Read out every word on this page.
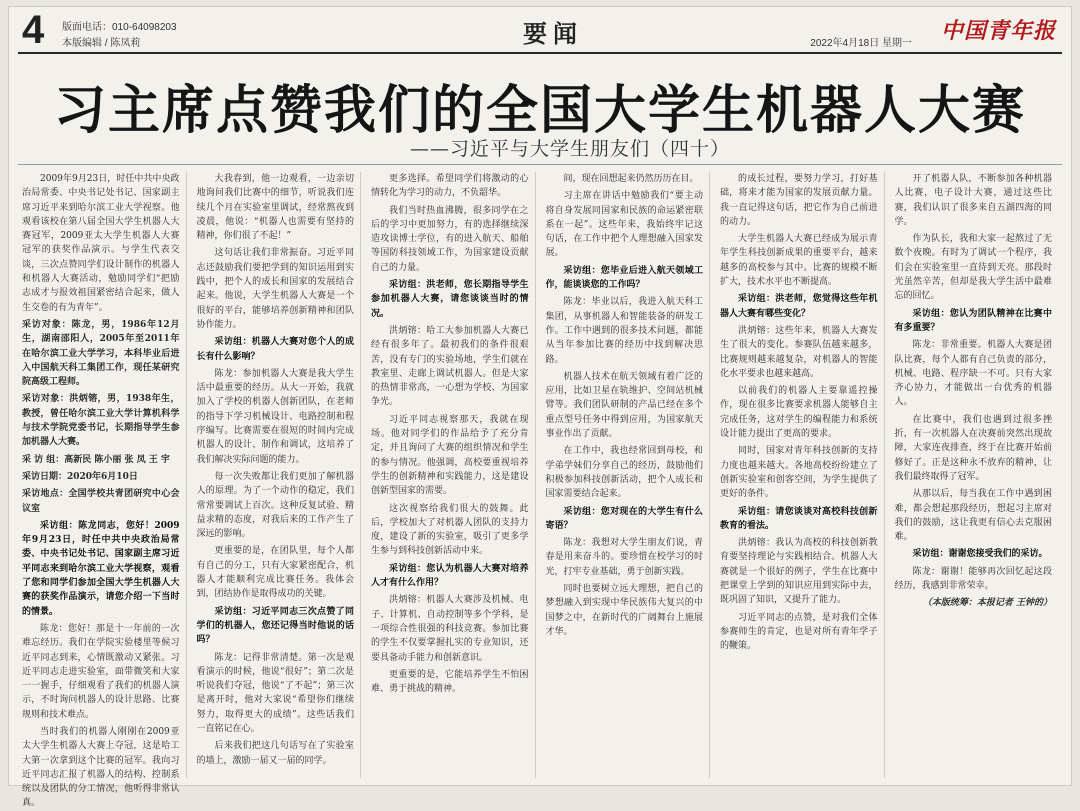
4 版面电话：010-64098203
本版编辑 / 陈凤莉	要闻	2022年4月18日 星期一 中国青年报
习主席点赞我们的全国大学生机器人大赛
——习近平与大学生朋友们（四十）

2009年9月23日，时任中共中央政治局常委、中央书记处书记、国家副主席习近平来到哈尔滨工业大学视察。他观看该校在第八届全国大学生机器人大赛冠军，2009亚太大学生机器人大赛冠军的获奖作品演示。与学生代表交谈，三次点赞同学们设计制作的机器人和机器人大赛活动，勉励同学们“把励志成才与报效祖国紧密结合起来，做人生交卷的有为青年”。

采访对象：陈龙，男，1986年12月生，湖南邵阳人，2005年至2011年在哈尔滨工业大学学习，本科毕业后进入中国航天科工集团工作，现任某研究院高级工程师。

采访对象：洪炳镕，男，1938年生，教授，曾任哈尔滨工业大学计算机科学与技术学院党委书记，长期指导学生参加机器人大赛。

采 访 组：高新民 陈小丽 张 凤 王 宇

采访日期：2020年6月10日

采访地点：全国学校共青团研究中心会议室

采访组：陈龙同志，您好！2009年9月23日，时任中共中央政治局常委、中央书记处书记、国家副主席习近平同志来到哈尔滨工业大学视察，观看了您和同学们参加全国大学生机器人大赛的获奖作品演示，请您介绍一下当时的情景。

陈龙：您好！那是十一年前的一次难忘经历。我们在学院实验楼里等候习近平同志到来，心情既激动又紧张。习近平同志走进实验室，面带微笑和大家一一握手，仔细观看了我们的机器人演示，不时询问机器人的设计思路、比赛规则和技术难点。

当时我们的机器人刚刚在2009亚太大学生机器人大赛上夺冠，这是哈工大第一次拿到这个比赛的冠军。我向习近平同志汇报了机器人的结构、控制系统以及团队的分工情况，他听得非常认真。

大我春到，他一边观看，一边亲切地询问我们比赛中的细节，听说我们连续几个月在实验室里调试，经常熬夜到凌晨，他说：“机器人也需要有坚持的精神，你们很了不起！”

这句话让我们非常振奋。习近平同志还鼓励我们要把学到的知识运用到实践中，把个人的成长和国家的发展结合起来。他说，大学生机器人大赛是一个很好的平台，能够培养创新精神和团队协作能力。

采访组：机器人大赛对您个人的成长有什么影响？

陈龙：参加机器人大赛是我大学生活中最重要的经历。从大一开始，我就加入了学校的机器人创新团队，在老师的指导下学习机械设计、电路控制和程序编写。比赛需要在很短的时间内完成机器人的设计、制作和调试，这培养了我们解决实际问题的能力。

每一次失败都让我们更加了解机器人的原理。为了一个动作的稳定，我们常常要调试上百次。这种反复试验、精益求精的态度，对我后来的工作产生了深远的影响。

更重要的是，在团队里，每个人都有自己的分工，只有大家紧密配合，机器人才能顺利完成比赛任务。我体会到，团结协作是取得成功的关键。

采访组：习近平同志三次点赞了同学们的机器人，您还记得当时他说的话吗？

陈龙：记得非常清楚。第一次是观看演示的时候，他说“很好”；第二次是听说我们夺冠，他说“了不起”；第三次是离开时，他对大家说“希望你们继续努力，取得更大的成绩”。这些话我们一直铭记在心。

后来我们把这几句话写在了实验室的墙上，激励一届又一届的同学。

更多选择。希望同学们将激动的心情转化为学习的动力，不负韶华。

我们当时热血沸腾，很多同学在之后的学习中更加努力，有的选择继续深造攻读博士学位，有的进入航天、船舶等国防科技领域工作，为国家建设贡献自己的力量。

采访组：洪老师，您长期指导学生参加机器人大赛，请您谈谈当时的情况。

洪炳镕：哈工大参加机器人大赛已经有很多年了。最初我们的条件很艰苦，没有专门的实验场地，学生们就在教室里、走廊上调试机器人。但是大家的热情非常高，一心想为学校、为国家争光。

习近平同志视察那天，我就在现场。他对同学们的作品给予了充分肯定，并且询问了大赛的组织情况和学生的参与情况。他强调，高校要重视培养学生的创新精神和实践能力，这是建设创新型国家的需要。

这次视察给我们很大的鼓舞。此后，学校加大了对机器人团队的支持力度，建设了新的实验室，吸引了更多学生参与到科技创新活动中来。

采访组：您认为机器人大赛对培养人才有什么作用？

洪炳镕：机器人大赛涉及机械、电子、计算机、自动控制等多个学科，是一项综合性很强的科技竞赛。参加比赛的学生不仅要掌握扎实的专业知识，还要具备动手能力和创新意识。

更重要的是，它能培养学生不怕困难、勇于挑战的精神。

间，现在回想起来仍然历历在目。

习主席在讲话中勉励我们“要主动将自身发展同国家和民族的命运紧密联系在一起”。这些年来，我始终牢记这句话，在工作中把个人理想融入国家发展。

采访组：您毕业后进入航天领域工作，能谈谈您的工作吗？

陈龙：毕业以后，我进入航天科工集团，从事机器人和智能装备的研发工作。工作中遇到的很多技术问题，都能从当年参加比赛的经历中找到解决思路。

机器人技术在航天领域有着广泛的应用，比如卫星在轨维护、空间站机械臂等。我们团队研制的产品已经在多个重点型号任务中得到应用，为国家航天事业作出了贡献。

在工作中，我也经常回到母校，和学弟学妹们分享自己的经历，鼓励他们积极参加科技创新活动，把个人成长和国家需要结合起来。

采访组：您对现在的大学生有什么寄语？

陈龙：我想对大学生朋友们说，青春是用来奋斗的。要珍惜在校学习的时光，打牢专业基础，勇于创新实践。

同时也要树立远大理想，把自己的梦想融入到实现中华民族伟大复兴的中国梦之中，在新时代的广阔舞台上施展才华。

的成长过程，要努力学习，打好基础，将来才能为国家的发展贡献力量。我一直记得这句话，把它作为自己前进的动力。

大学生机器人大赛已经成为展示青年学生科技创新成果的重要平台，越来越多的高校参与其中。比赛的规模不断扩大，技术水平也不断提高。

采访组：洪老师，您觉得这些年机器人大赛有哪些变化？

洪炳镕：这些年来，机器人大赛发生了很大的变化。参赛队伍越来越多，比赛规则越来越复杂，对机器人的智能化水平要求也越来越高。

以前我们的机器人主要靠遥控操作，现在很多比赛要求机器人能够自主完成任务，这对学生的编程能力和系统设计能力提出了更高的要求。

同时，国家对青年科技创新的支持力度也越来越大。各地高校纷纷建立了创新实验室和创客空间，为学生提供了更好的条件。

采访组：请您谈谈对高校科技创新教育的看法。

洪炳镕：我认为高校的科技创新教育要坚持理论与实践相结合。机器人大赛就是一个很好的例子，学生在比赛中把课堂上学到的知识应用到实际中去，既巩固了知识，又提升了能力。

习近平同志的点赞，是对我们全体参赛师生的肯定，也是对所有青年学子的鞭策。

开了机器人队，不断参加各种机器人比赛，电子设计大赛，通过这些比赛，我们认识了很多来自五湖四海的同学。

作为队长，我和大家一起熬过了无数个夜晚。有时为了调试一个程序，我们会在实验室里一直待到天亮。那段时光虽然辛苦，但却是我大学生活中最难忘的回忆。

采访组：您认为团队精神在比赛中有多重要？

陈龙：非常重要。机器人大赛是团队比赛，每个人都有自己负责的部分，机械、电路、程序缺一不可。只有大家齐心协力，才能做出一台优秀的机器人。

在比赛中，我们也遇到过很多挫折，有一次机器人在决赛前突然出现故障，大家连夜排查，终于在比赛开始前修好了。正是这种永不放弃的精神，让我们最终取得了冠军。

从那以后，每当我在工作中遇到困难，都会想起那段经历，想起习主席对我们的鼓励，这让我更有信心去克服困难。

采访组：谢谢您接受我们的采访。

陈龙：谢谢！能够再次回忆起这段经历，我感到非常荣幸。

（本版统筹：本报记者 王钟的）
